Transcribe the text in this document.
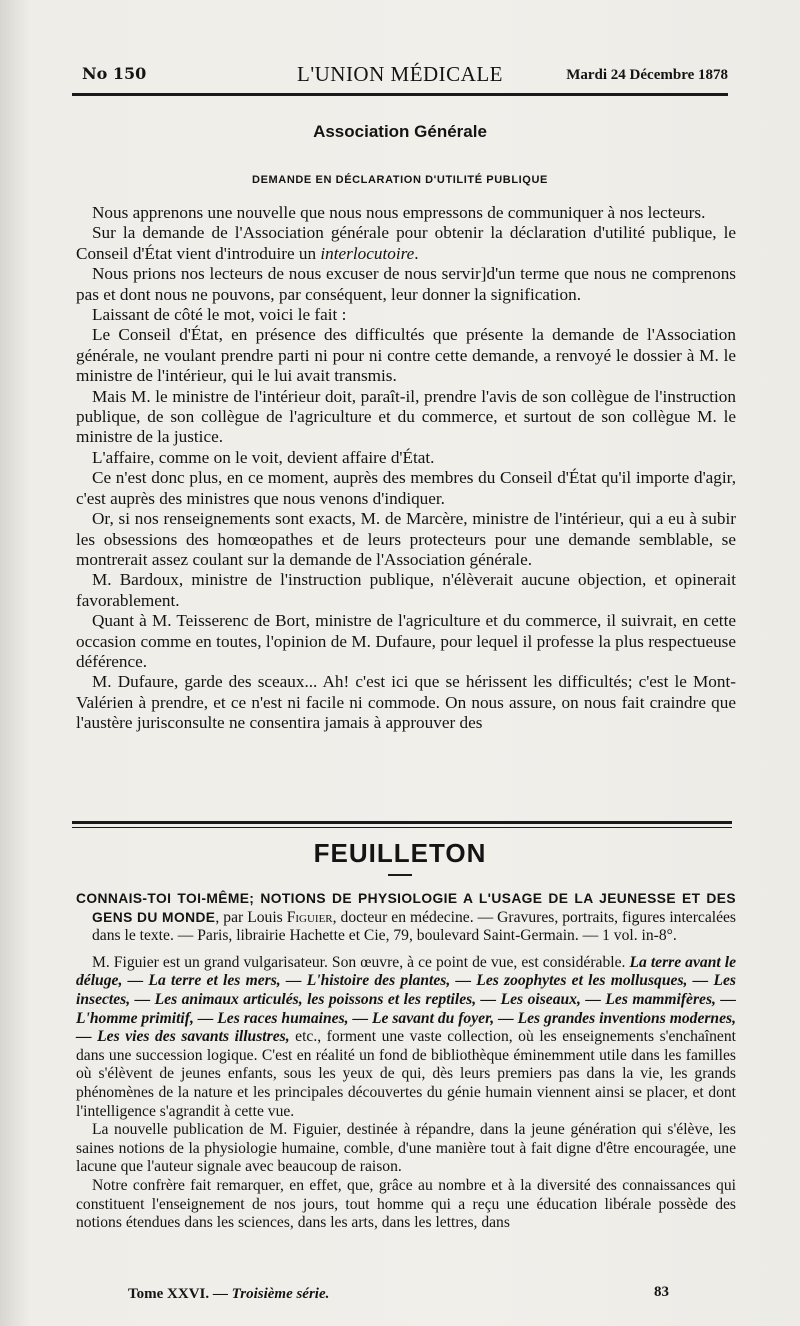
No 150	L'UNION MÉDICALE	Mardi 24 Décembre 1878
Association Générale
DEMANDE EN DÉCLARATION D'UTILITÉ PUBLIQUE

Nous apprenons une nouvelle que nous nous empressons de communiquer à nos lecteurs.

Sur la demande de l'Association générale pour obtenir la déclaration d'utilité publique, le Conseil d'État vient d'introduire un interlocutoire.

Nous prions nos lecteurs de nous excuser de nous servir]d'un terme que nous ne comprenons pas et dont nous ne pouvons, par conséquent, leur donner la signification.

Laissant de côté le mot, voici le fait :

Le Conseil d'État, en présence des difficultés que présente la demande de l'Association générale, ne voulant prendre parti ni pour ni contre cette demande, a renvoyé le dossier à M. le ministre de l'intérieur, qui le lui avait transmis.

Mais M. le ministre de l'intérieur doit, paraît-il, prendre l'avis de son collègue de l'instruction publique, de son collègue de l'agriculture et du commerce, et surtout de son collègue M. le ministre de la justice.

L'affaire, comme on le voit, devient affaire d'État.

Ce n'est donc plus, en ce moment, auprès des membres du Conseil d'État qu'il importe d'agir, c'est auprès des ministres que nous venons d'indiquer.

Or, si nos renseignements sont exacts, M. de Marcère, ministre de l'intérieur, qui a eu à subir les obsessions des homœopathes et de leurs protecteurs pour une demande semblable, se montrerait assez coulant sur la demande de l'Association générale.

M. Bardoux, ministre de l'instruction publique, n'élèverait aucune objection, et opinerait favorablement.

Quant à M. Teisserenc de Bort, ministre de l'agriculture et du commerce, il suivrait, en cette occasion comme en toutes, l'opinion de M. Dufaure, pour lequel il professe la plus respectueuse déférence.

M. Dufaure, garde des sceaux... Ah! c'est ici que se hérissent les difficultés; c'est le Mont-Valérien à prendre, et ce n'est ni facile ni commode. On nous assure, on nous fait craindre que l'austère jurisconsulte ne consentira jamais à approuver des

FEUILLETON

CONNAIS-TOI TOI-MÊME; NOTIONS DE PHYSIOLOGIE A L'USAGE DE LA JEUNESSE ET DES GENS DU MONDE, par Louis Figuier, docteur en médecine. — Gravures, portraits, figures intercalées dans le texte. — Paris, librairie Hachette et Cie, 79, boulevard Saint-Germain. — 1 vol. in-8°.

M. Figuier est un grand vulgarisateur. Son œuvre, à ce point de vue, est considérable. La terre avant le déluge, — La terre et les mers, — L'histoire des plantes, — Les zoophytes et les mollusques, — Les insectes, — Les animaux articulés, les poissons et les reptiles, — Les oiseaux, — Les mammifères, — L'homme primitif, — Les races humaines, — Le savant du foyer, — Les grandes inventions modernes, — Les vies des savants illustres, etc., forment une vaste collection, où les enseignements s'enchaînent dans une succession logique. C'est en réalité un fond de bibliothèque éminemment utile dans les familles où s'élèvent de jeunes enfants, sous les yeux de qui, dès leurs premiers pas dans la vie, les grands phénomènes de la nature et les principales découvertes du génie humain viennent ainsi se placer, et dont l'intelligence s'agrandit à cette vue.

La nouvelle publication de M. Figuier, destinée à répandre, dans la jeune génération qui s'élève, les saines notions de la physiologie humaine, comble, d'une manière tout à fait digne d'être encouragée, une lacune que l'auteur signale avec beaucoup de raison.

Notre confrère fait remarquer, en effet, que, grâce au nombre et à la diversité des connaissances qui constituent l'enseignement de nos jours, tout homme qui a reçu une éducation libérale possède des notions étendues dans les sciences, dans les arts, dans les lettres, dans

Tome XXVI. — Troisième série.	83
